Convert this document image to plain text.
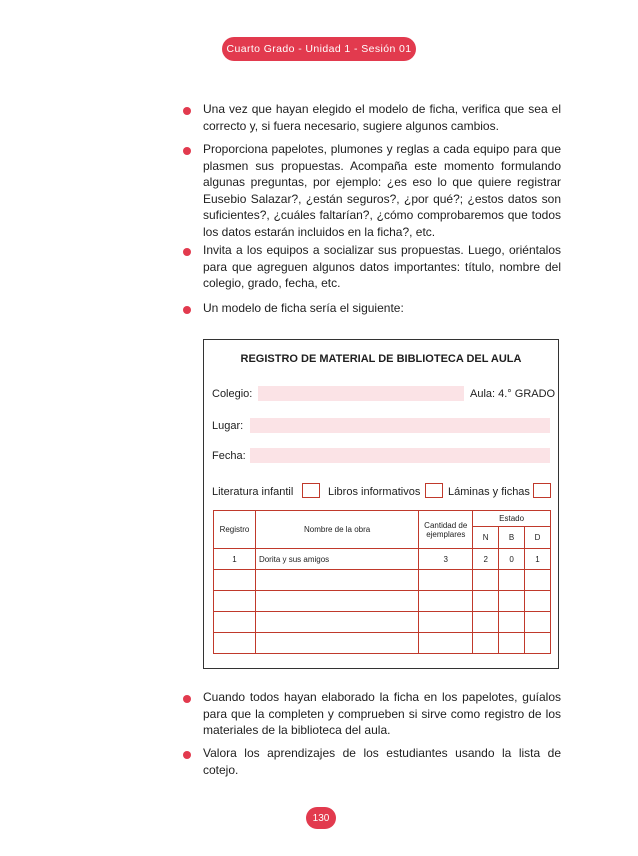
Cuarto Grado - Unidad 1 - Sesión 01

Una vez que hayan elegido el modelo de ficha, verifica que sea el correcto y, si fuera necesario, sugiere algunos cambios.

Proporciona papelotes, plumones y reglas a cada equipo para que plasmen sus propuestas. Acompaña este momento formulando algunas preguntas, por ejemplo: ¿es eso lo que quiere registrar Eusebio Salazar?, ¿están seguros?, ¿por qué?; ¿estos datos son suficientes?, ¿cuáles faltarían?, ¿cómo comprobaremos que todos los datos estarán incluidos en la ficha?, etc.

Invita a los equipos a socializar sus propuestas. Luego, oriéntalos para que agreguen algunos datos importantes: título, nombre del colegio, grado, fecha, etc.

Un modelo de ficha sería el siguiente:

REGISTRO DE MATERIAL DE BIBLIOTECA DEL AULA
Colegio:	Aula: 4.° GRADO
Lugar:
Fecha:
Literatura infantil	Libros informativos	Láminas y fichas
Registro	Nombre de la obra	Cantidad de ejemplares	Estado		
			N	B	D
1	Dorita y sus amigos	3	2	0	1

Cuando todos hayan elaborado la ficha en los papelotes, guíalos para que la completen y comprueben si sirve como registro de los materiales de la biblioteca del aula.

Valora los aprendizajes de los estudiantes usando la lista de cotejo.

130
